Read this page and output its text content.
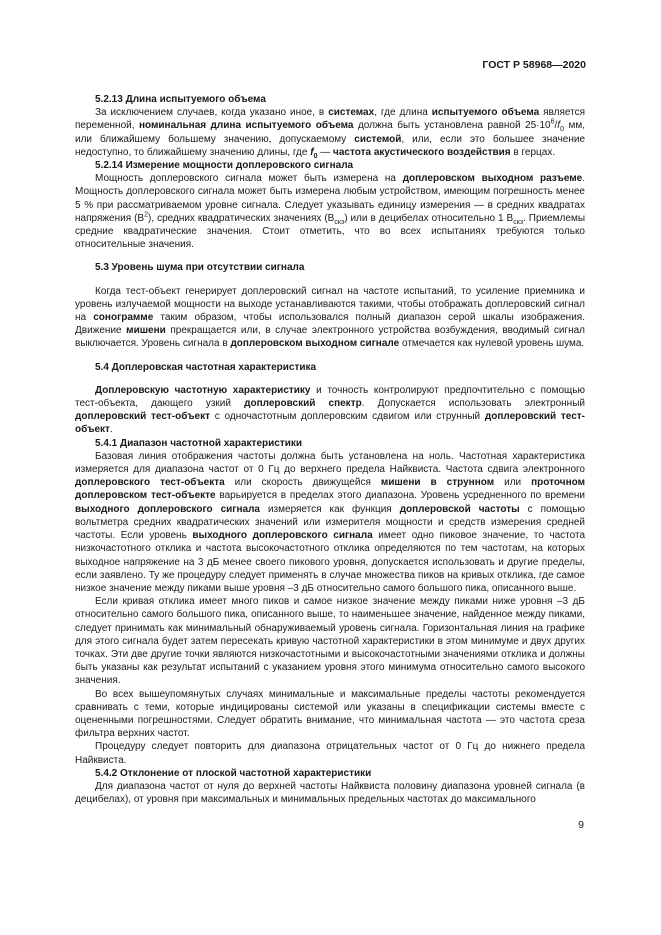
ГОСТ Р 58968—2020

5.2.13 Длина испытуемого объема

За исключением случаев, когда указано иное, в системах, где длина испытуемого объема является переменной, номинальная длина испытуемого объема должна быть установлена равной $25\cdot 10^6/f_0$ мм, или ближайшему большему значению, допускаемому системой, или, если это большее значение недоступно, то ближайшему значению длины, где $f_0$ — частота акустического воздействия в герцах.

5.2.14 Измерение мощности доплеровского сигнала

Мощность доплеровского сигнала может быть измерена на доплеровском выходном разъеме. Мощность доплеровского сигнала может быть измерена любым устройством, имеющим погрешность менее 5 % при рассматриваемом уровне сигнала. Следует указывать единицу измерения — в средних квадратах напряжения $(В^2)$, средних квадратических значениях $(В_{скз})$ или в децибелах относительно 1 $В_{скз}$. Приемлемы средние квадратические значения. Стоит отметить, что во всех испытаниях требуются только относительные значения.

5.3 Уровень шума при отсутствии сигнала

Когда тест-объект генерирует доплеровский сигнал на частоте испытаний, то усиление приемника и уровень излучаемой мощности на выходе устанавливаются такими, чтобы отображать доплеровский сигнал на сонограмме таким образом, чтобы использовался полный диапазон серой шкалы изображения. Движение мишени прекращается или, в случае электронного устройства возбуждения, вводимый сигнал выключается. Уровень сигнала в доплеровском выходном сигнале отмечается как нулевой уровень шума.

5.4 Доплеровская частотная характеристика

Доплеровскую частотную характеристику и точность контролируют предпочтительно с помощью тест-объекта, дающего узкий доплеровский спектр. Допускается использовать электронный доплеровский тест-объект с одночастотным доплеровским сдвигом или струнный доплеровский тест-объект.

5.4.1 Диапазон частотной характеристики

Базовая линия отображения частоты должна быть установлена на ноль. Частотная характеристика измеряется для диапазона частот от 0 Гц до верхнего предела Найквиста. Частота сдвига электронного доплеровского тест-объекта или скорость движущейся мишени в струнном или проточном доплеровском тест-объекте варьируется в пределах этого диапазона. Уровень усредненного по времени выходного доплеровского сигнала измеряется как функция доплеровской частоты с помощью вольтметра средних квадратических значений или измерителя мощности и средств измерения средней частоты. Если уровень выходного доплеровского сигнала имеет одно пиковое значение, то частота низкочастотного отклика и частота высокочастотного отклика определяются по тем частотам, на которых выходное напряжение на 3 дБ менее своего пикового уровня, допускается использовать и другие пределы, если заявлено. Ту же процедуру следует применять в случае множества пиков на кривых отклика, где самое низкое значение между пиками выше уровня –3 дБ относительно самого большого пика, описанного выше.

Если кривая отклика имеет много пиков и самое низкое значение между пиками ниже уровня –3 дБ относительно самого большого пика, описанного выше, то наименьшее значение, найденное между пиками, следует принимать как минимальный обнаруживаемый уровень сигнала. Горизонтальная линия на графике для этого сигнала будет затем пересекать кривую частотной характеристики в этом минимуме и двух других точках. Эти две другие точки являются низкочастотными и высокочастотными значениями отклика и должны быть указаны как результат испытаний с указанием уровня этого минимума относительно самого высокого значения.

Во всех вышеупомянутых случаях минимальные и максимальные пределы частоты рекомендуется сравнивать с теми, которые индицированы системой или указаны в спецификации системы вместе с оцененными погрешностями. Следует обратить внимание, что минимальная частота — это частота среза фильтра верхних частот.

Процедуру следует повторить для диапазона отрицательных частот от 0 Гц до нижнего предела Найквиста.

5.4.2 Отклонение от плоской частотной характеристики

Для диапазона частот от нуля до верхней частоты Найквиста половину диапазона уровней сигнала (в децибелах), от уровня при максимальных и минимальных предельных частотах до максимального

9
